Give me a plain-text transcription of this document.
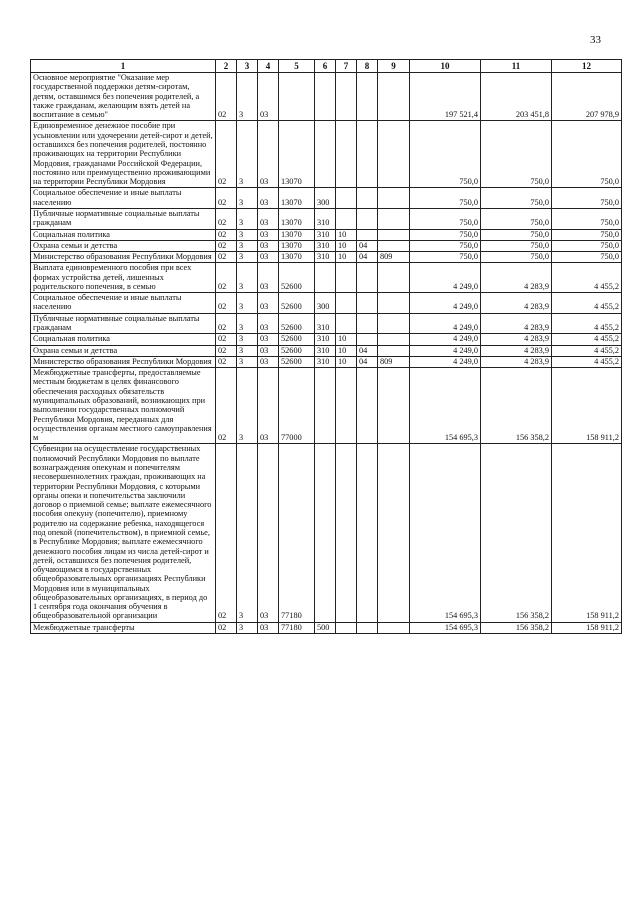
33
1	2	3	4	5	6	7	8	9	10	11	12
Основное мероприятие "Оказание мер государственной поддержки детям-сиротам, детям, оставшимся без попечения родителей, а также гражданам, желающим взять детей на воспитание в семью"	02	3	03						197 521,4	203 451,8	207 978,9
Единовременное денежное пособие при усыновлении или удочерении детей-сирот и детей, оставшихся без попечения родителей, постоянно проживающих на территории Республики Мордовия, гражданами Российской Федерации, постоянно или преимущественно проживающими на территории Республики Мордовия	02	3	03	13070					750,0	750,0	750,0
Социальное обеспечение и иные выплаты населению	02	3	03	13070	300				750,0	750,0	750,0
Публичные нормативные социальные выплаты гражданам	02	3	03	13070	310				750,0	750,0	750,0
Социальная политика	02	3	03	13070	310	10			750,0	750,0	750,0
Охрана семьи и детства	02	3	03	13070	310	10	04		750,0	750,0	750,0
Министерство образования Республики Мордовия	02	3	03	13070	310	10	04	809	750,0	750,0	750,0
Выплата единовременного пособия при всех формах устройства детей, лишенных родительского попечения, в семью	02	3	03	52600					4 249,0	4 283,9	4 455,2
Социальное обеспечение и иные выплаты населению	02	3	03	52600	300				4 249,0	4 283,9	4 455,2
Публичные нормативные социальные выплаты гражданам	02	3	03	52600	310				4 249,0	4 283,9	4 455,2
Социальная политика	02	3	03	52600	310	10			4 249,0	4 283,9	4 455,2
Охрана семьи и детства	02	3	03	52600	310	10	04		4 249,0	4 283,9	4 455,2
Министерство образования Республики Мордовия	02	3	03	52600	310	10	04	809	4 249,0	4 283,9	4 455,2
Межбюджетные трансферты, предоставляемые местным бюджетам в целях финансового обеспечения расходных обязательств муниципальных образований, возникающих при выполнении государственных полномочий Республики Мордовия, переданных для осуществления органам местного самоуправления м	02	3	03	77000					154 695,3	156 358,2	158 911,2
Субвенции на осуществление государственных полномочий Республики Мордовия по выплате вознаграждения опекунам и попечителям несовершеннолетних граждан, проживающих на территории Республики Мордовия, с которыми органы опеки и попечительства заключили договор о приемной семье; выплате ежемесячного пособия опекуну (попечителю), приемному родителю на содержание ребенка, находящегося под опекой (попечительством), в приемной семье, в Республике Мордовия; выплате ежемесячного денежного пособия лицам из числа детей-сирот и детей, оставшихся без попечения родителей, обучающимся в государственных общеобразовательных организациях Республики Мордовия или в муниципальных общеобразовательных организациях, в период до 1 сентября года окончания обучения в общеобразовательной организации	02	3	03	77180					154 695,3	156 358,2	158 911,2
Межбюджетные трансферты	02	3	03	77180	500				154 695,3	156 358,2	158 911,2
